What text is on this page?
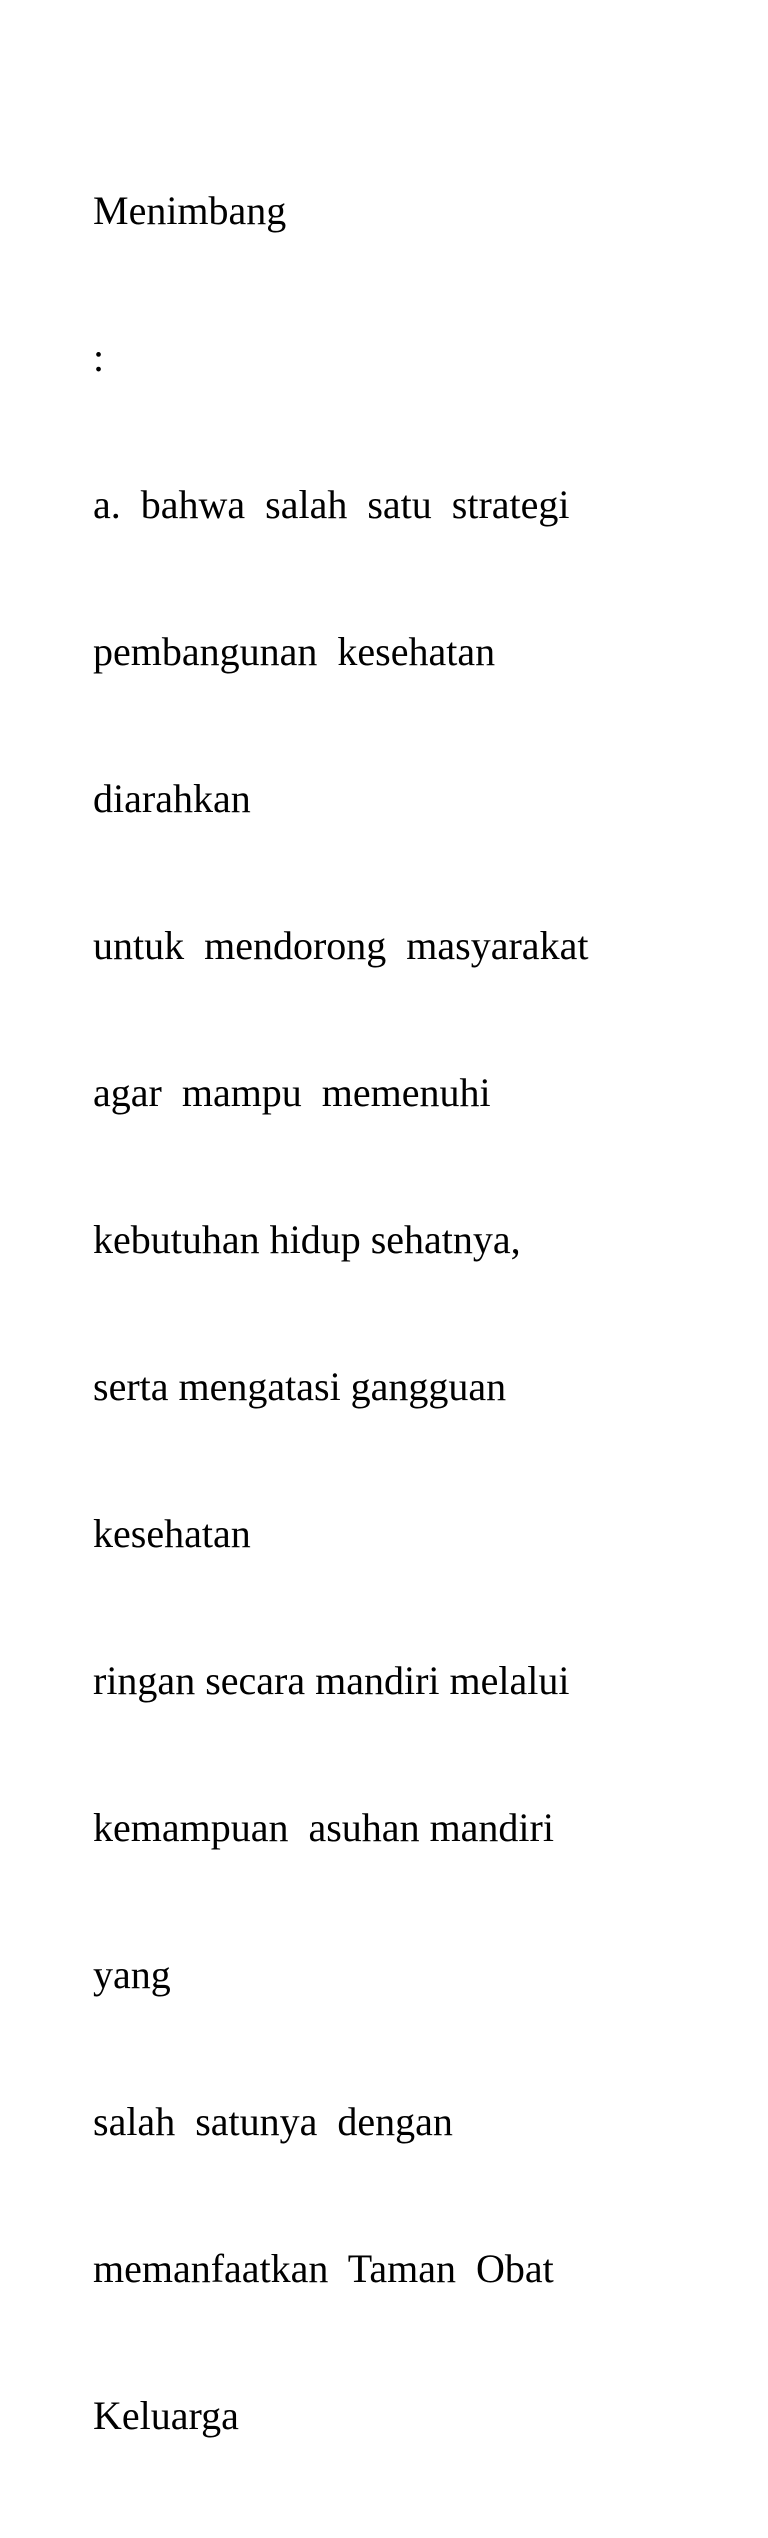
Menimbang

:

a.  bahwa  salah  satu  strategi

pembangunan  kesehatan

diarahkan

untuk  mendorong  masyarakat

agar  mampu  memenuhi

kebutuhan hidup sehatnya,

serta mengatasi gangguan

kesehatan

ringan secara mandiri melalui

kemampuan  asuhan mandiri

yang

salah  satunya  dengan

memanfaatkan  Taman  Obat

Keluarga
